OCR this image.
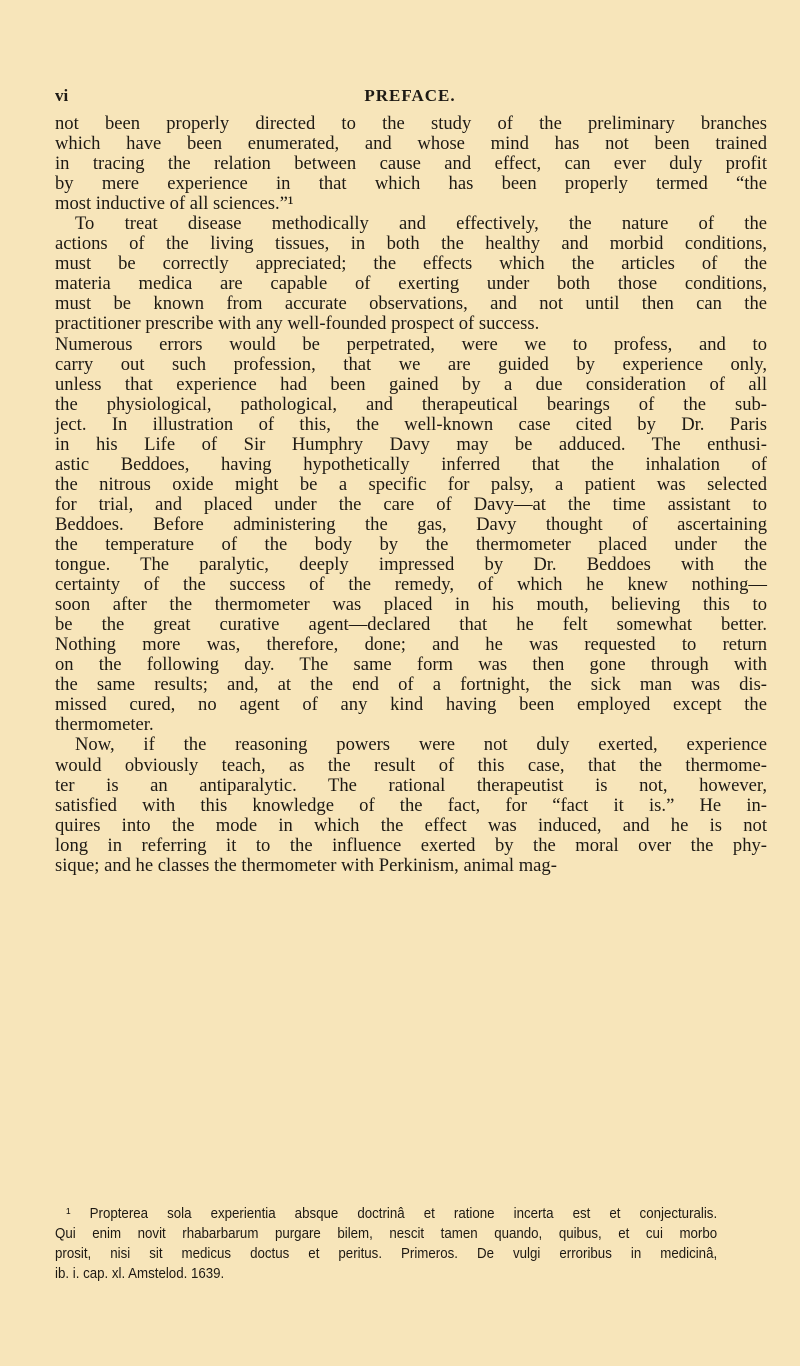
vi	PREFACE.
not been properly directed to the study of the preliminary branches
which have been enumerated, and whose mind has not been trained
in tracing the relation between cause and effect, can ever duly profit
by mere experience in that which has been properly termed “the
most inductive of all sciences.”¹
To treat disease methodically and effectively, the nature of the
actions of the living tissues, in both the healthy and morbid conditions,
must be correctly appreciated; the effects which the articles of the
materia medica are capable of exerting under both those conditions,
must be known from accurate observations, and not until then can the
practitioner prescribe with any well-founded prospect of success.
Numerous errors would be perpetrated, were we to profess, and to
carry out such profession, that we are guided by experience only,
unless that experience had been gained by a due consideration of all
the physiological, pathological, and therapeutical bearings of the sub-
ject. In illustration of this, the well-known case cited by Dr. Paris
in his Life of Sir Humphry Davy may be adduced. The enthusi-
astic Beddoes, having hypothetically inferred that the inhalation of
the nitrous oxide might be a specific for palsy, a patient was selected
for trial, and placed under the care of Davy—at the time assistant to
Beddoes. Before administering the gas, Davy thought of ascertaining
the temperature of the body by the thermometer placed under the
tongue. The paralytic, deeply impressed by Dr. Beddoes with the
certainty of the success of the remedy, of which he knew nothing—
soon after the thermometer was placed in his mouth, believing this to
be the great curative agent—declared that he felt somewhat better.
Nothing more was, therefore, done; and he was requested to return
on the following day. The same form was then gone through with
the same results; and, at the end of a fortnight, the sick man was dis-
missed cured, no agent of any kind having been employed except the
thermometer.
Now, if the reasoning powers were not duly exerted, experience
would obviously teach, as the result of this case, that the thermome-
ter is an antiparalytic. The rational therapeutist is not, however,
satisfied with this knowledge of the fact, for “fact it is.” He in-
quires into the mode in which the effect was induced, and he is not
long in referring it to the influence exerted by the moral over the phy-
sique; and he classes the thermometer with Perkinism, animal mag-
¹ Propterea sola experientia absque doctrinâ et ratione incerta est et conjecturalis.
Qui enim novit rhabarbarum purgare bilem, nescit tamen quando, quibus, et cui morbo
prosit, nisi sit medicus doctus et peritus. Primeros. De vulgi erroribus in medicinâ,
ib. i. cap. xl. Amstelod. 1639.
